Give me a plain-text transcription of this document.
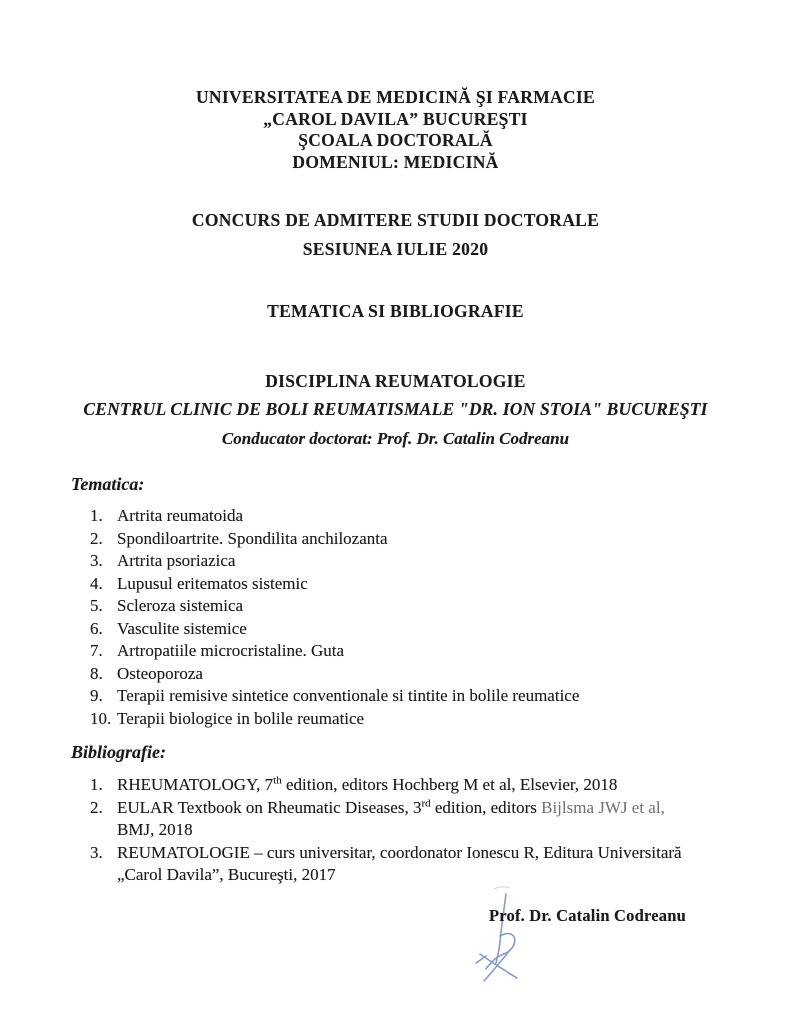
UNIVERSITATEA DE MEDICINĂ ŞI FARMACIE
„CAROL DAVILA” BUCUREŞTI
ŞCOALA DOCTORALĂ
DOMENIUL: MEDICINĂ
CONCURS DE ADMITERE STUDII DOCTORALE
SESIUNEA IULIE 2020
TEMATICA SI BIBLIOGRAFIE
DISCIPLINA REUMATOLOGIE
CENTRUL CLINIC DE BOLI REUMATISMALE "DR. ION STOIA" BUCUREŞTI
Conducator doctorat: Prof. Dr. Catalin Codreanu
Tematica:
1. Artrita reumatoida
2. Spondiloartrite. Spondilita anchilozanta
3. Artrita psoriazica
4. Lupusul eritematos sistemic
5. Scleroza sistemica
6. Vasculite sistemice
7. Artropatiile microcristaline. Guta
8. Osteoporoza
9. Terapii remisive sintetice conventionale si tintite in bolile reumatice
10. Terapii biologice in bolile reumatice
Bibliografie:
1. RHEUMATOLOGY, 7th edition, editors Hochberg M et al, Elsevier, 2018
2. EULAR Textbook on Rheumatic Diseases, 3rd edition, editors Bijlsma JWJ et al,
BMJ, 2018
3. REUMATOLOGIE – curs universitar, coordonator Ionescu R, Editura Universitară
„Carol Davila”, Bucureşti, 2017
Prof. Dr. Catalin Codreanu
